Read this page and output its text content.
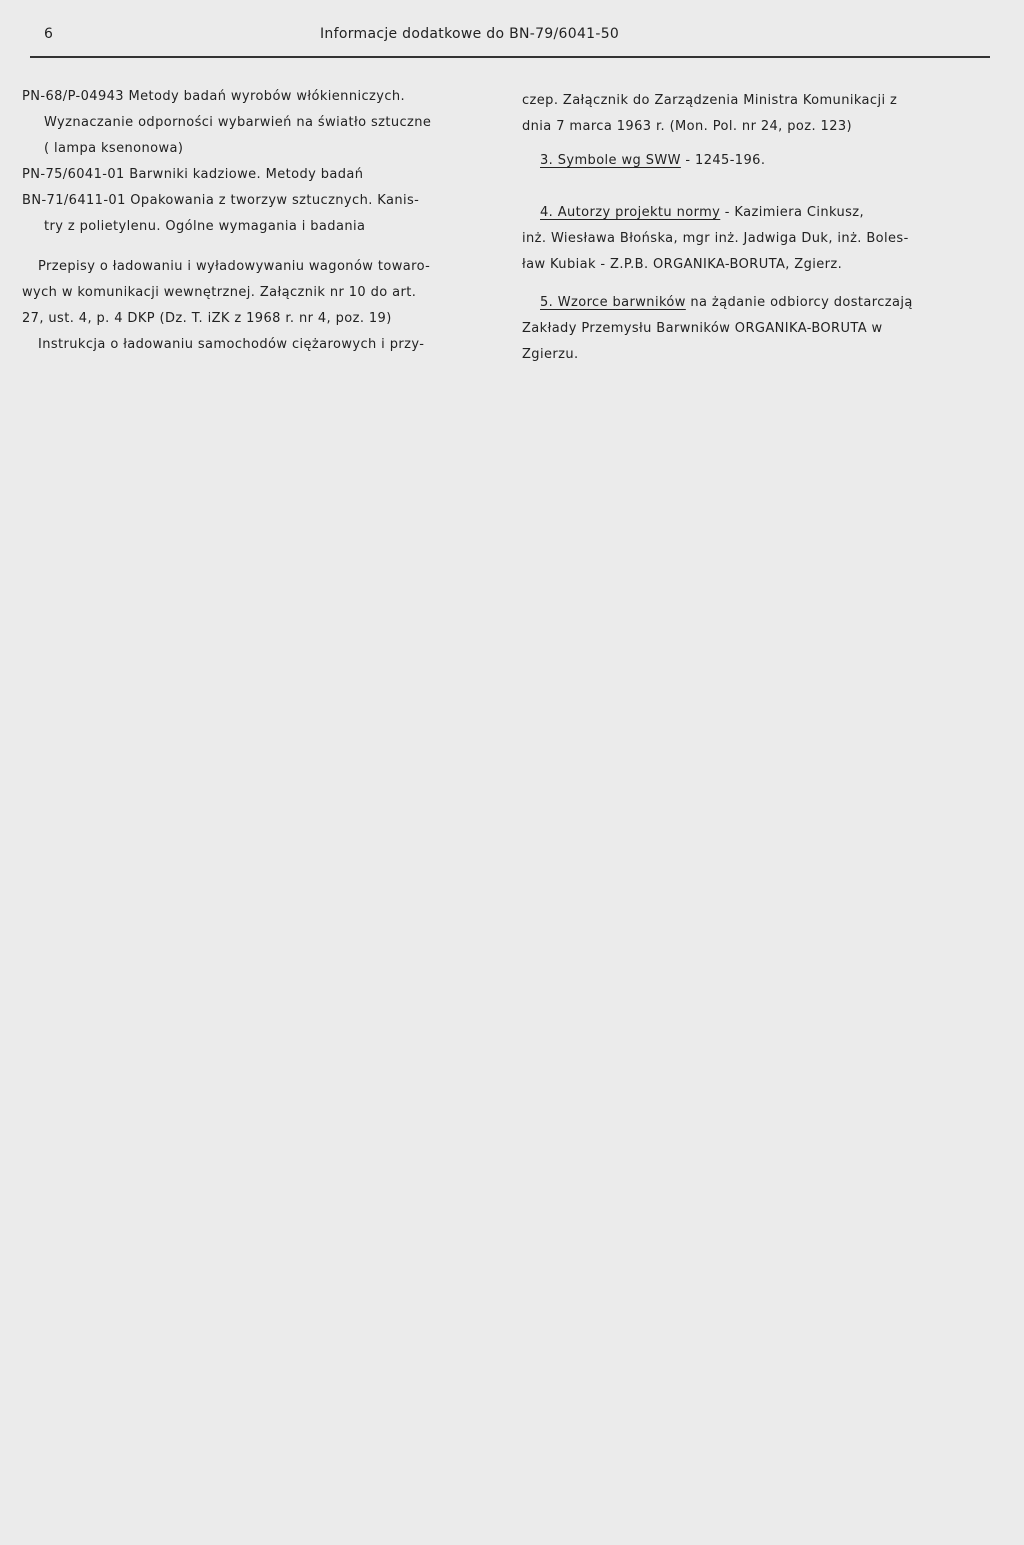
6	Informacje dodatkowe do BN-79/6041-50
PN-68/P-04943 Metody badań wyrobów włókienniczych.
Wyznaczanie odporności wybarwień na światło sztuczne
( lampa ksenonowa)
PN-75/6041-01 Barwniki kadziowe. Metody badań
BN-71/6411-01 Opakowania z tworzyw sztucznych. Kanis-
try z polietylenu. Ogólne wymagania i badania
Przepisy o ładowaniu i wyładowywaniu wagonów towaro-
wych w komunikacji wewnętrznej. Załącznik nr 10 do art.
27, ust. 4, p. 4 DKP (Dz. T. iZK z 1968 r. nr 4, poz. 19)
Instrukcja o ładowaniu samochodów ciężarowych i przy-
czep. Załącznik do Zarządzenia Ministra Komunikacji z
dnia 7 marca 1963 r. (Mon. Pol. nr 24, poz. 123)
3. Symbole wg SWW - 1245-196.
4. Autorzy projektu normy - Kazimiera Cinkusz,
inż. Wiesława Błońska, mgr inż. Jadwiga Duk, inż. Boles-
ław Kubiak - Z.P.B. ORGANIKA-BORUTA, Zgierz.
5. Wzorce barwników na żądanie odbiorcy dostarczają
Zakłady Przemysłu Barwników ORGANIKA-BORUTA w
Zgierzu.
